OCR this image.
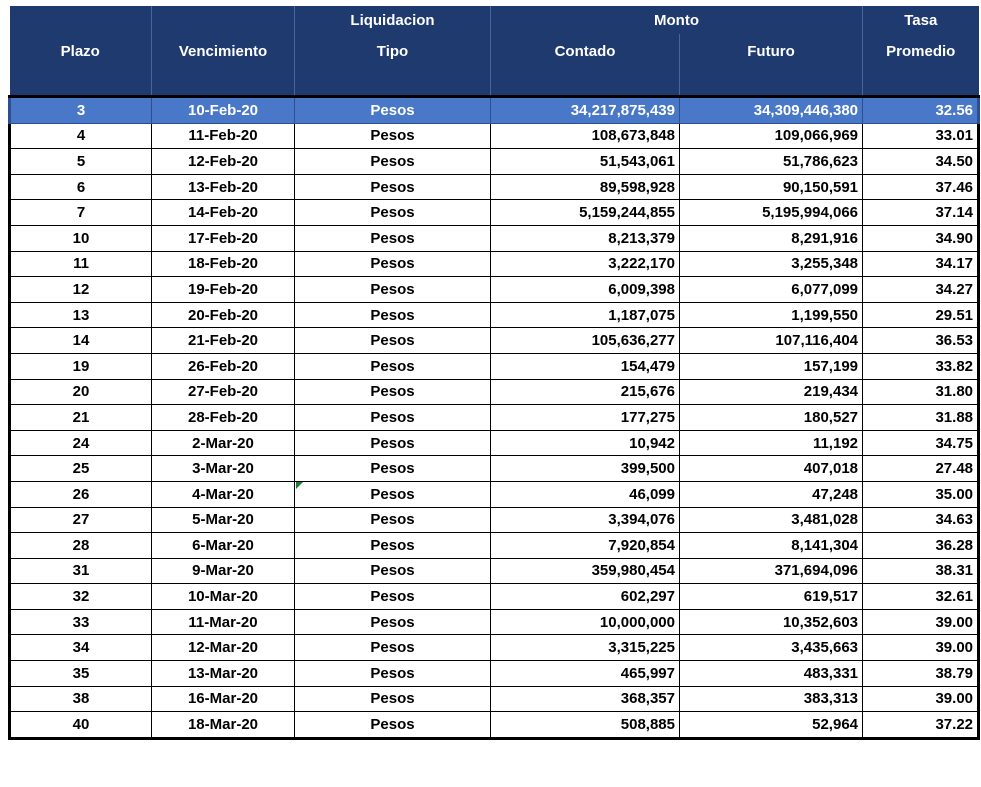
		Liquidacion	Monto		Tasa
Plazo	Vencimiento	Tipo	Contado	Futuro	Promedio

3	10-Feb-20	Pesos	34,217,875,439	34,309,446,380	32.56
4	11-Feb-20	Pesos	108,673,848	109,066,969	33.01
5	12-Feb-20	Pesos	51,543,061	51,786,623	34.50
6	13-Feb-20	Pesos	89,598,928	90,150,591	37.46
7	14-Feb-20	Pesos	5,159,244,855	5,195,994,066	37.14
10	17-Feb-20	Pesos	8,213,379	8,291,916	34.90
11	18-Feb-20	Pesos	3,222,170	3,255,348	34.17
12	19-Feb-20	Pesos	6,009,398	6,077,099	34.27
13	20-Feb-20	Pesos	1,187,075	1,199,550	29.51
14	21-Feb-20	Pesos	105,636,277	107,116,404	36.53
19	26-Feb-20	Pesos	154,479	157,199	33.82
20	27-Feb-20	Pesos	215,676	219,434	31.80
21	28-Feb-20	Pesos	177,275	180,527	31.88
24	2-Mar-20	Pesos	10,942	11,192	34.75
25	3-Mar-20	Pesos	399,500	407,018	27.48
26	4-Mar-20	Pesos	46,099	47,248	35.00
27	5-Mar-20	Pesos	3,394,076	3,481,028	34.63
28	6-Mar-20	Pesos	7,920,854	8,141,304	36.28
31	9-Mar-20	Pesos	359,980,454	371,694,096	38.31
32	10-Mar-20	Pesos	602,297	619,517	32.61
33	11-Mar-20	Pesos	10,000,000	10,352,603	39.00
34	12-Mar-20	Pesos	3,315,225	3,435,663	39.00
35	13-Mar-20	Pesos	465,997	483,331	38.79
38	16-Mar-20	Pesos	368,357	383,313	39.00
40	18-Mar-20	Pesos	508,885	52,964	37.22
